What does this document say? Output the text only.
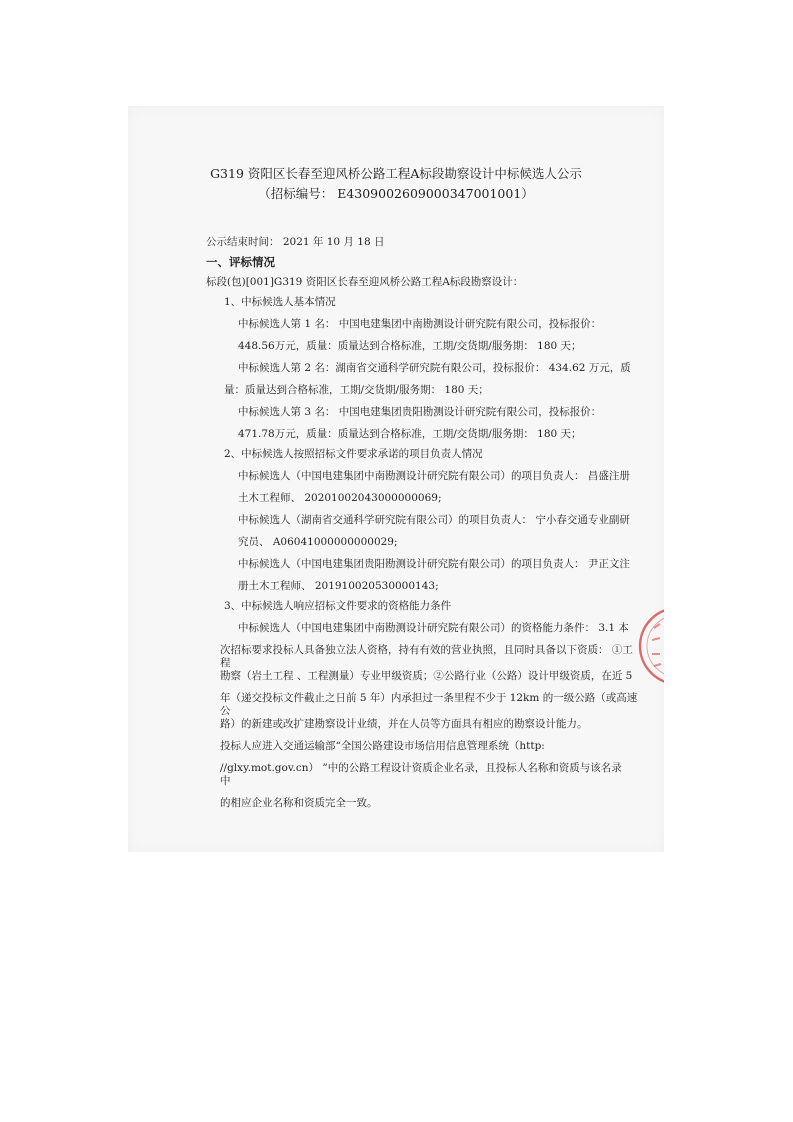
G319 资阳区长春至迎风桥公路工程A标段勘察设计中标候选人公示
（招标编号： E4309002609000347001001）
公示结束时间： 2021 年 10 月 18 日
一、评标情况
标段(包)[001]G319 资阳区长春至迎风桥公路工程A标段勘察设计：
1、中标候选人基本情况
中标候选人第 1 名： 中国电建集团中南勘测设计研究院有限公司，投标报价：
448.56万元，质量：质量达到合格标准，工期/交货期/服务期： 180 天；
中标候选人第 2 名：湖南省交通科学研究院有限公司，投标报价： 434.62 万元，质
量：质量达到合格标准，工期/交货期/服务期： 180 天；
中标候选人第 3 名： 中国电建集团贵阳勘测设计研究院有限公司，投标报价：
471.78万元，质量：质量达到合格标准，工期/交货期/服务期： 180 天；
2、中标候选人按照招标文件要求承诺的项目负责人情况
中标候选人（中国电建集团中南勘测设计研究院有限公司）的项目负责人： 昌盛注册
土木工程师、 20201002043000000069;
中标候选人（湖南省交通科学研究院有限公司）的项目负责人： 宁小春交通专业副研
究员、 A06041000000000029;
中标候选人（中国电建集团贵阳勘测设计研究院有限公司）的项目负责人： 尹正文注
册土木工程师、 201910020530000143;
3、中标候选人响应招标文件要求的资格能力条件
中标候选人（中国电建集团中南勘测设计研究院有限公司）的资格能力条件： 3.1 本
次招标要求投标人具备独立法人资格，持有有效的营业执照，且同时具备以下资质： ①工
程
勘察（岩土工程 、工程测量）专业甲级资质；②公路行业（公路）设计甲级资质，在近 5
年（递交投标文件截止之日前 5 年）内承担过一条里程不少于 12km 的一级公路（或高速
公
路）的新建或改扩建勘察设计业绩，并在人员等方面具有相应的勘察设计能力。
投标人应进入交通运输部“全国公路建设市场信用信息管理系统（http:
//glxy.mot.gov.cn） ”中的公路工程设计资质企业名录，且投标人名称和资质与该名录
中
的相应企业名称和资质完全一致。
